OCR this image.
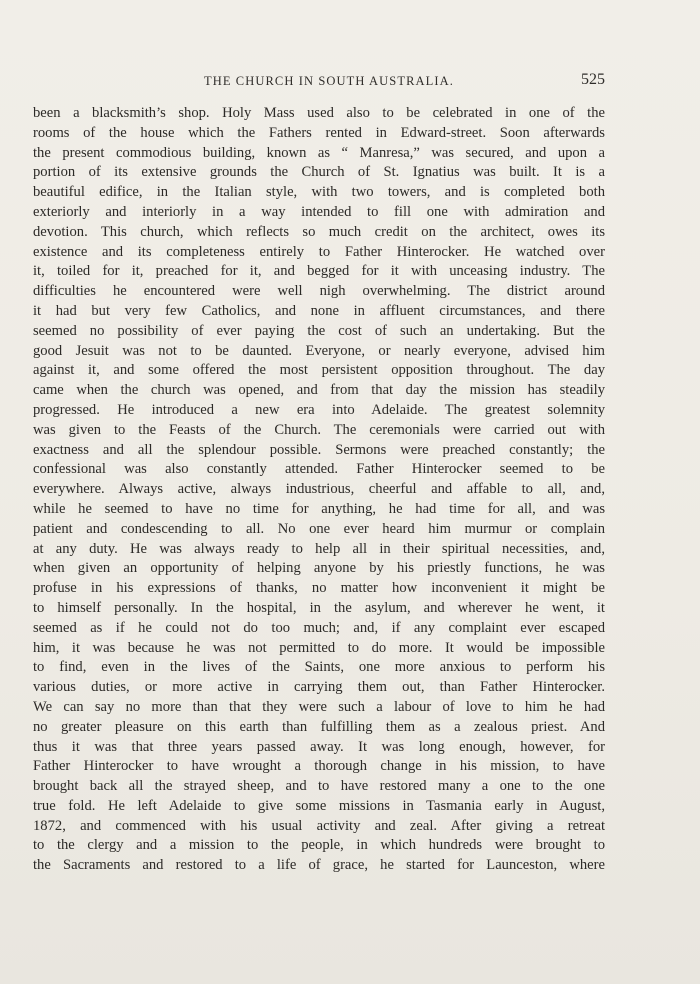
THE CHURCH IN SOUTH AUSTRALIA.	525
been a blacksmith’s shop. Holy Mass used also to be celebrated in one of the
rooms of the house which the Fathers rented in Edward-street. Soon afterwards
the present commodious building, known as “ Manresa,” was secured, and upon a
portion of its extensive grounds the Church of St. Ignatius was built. It is a
beautiful edifice, in the Italian style, with two towers, and is completed both
exteriorly and interiorly in a way intended to fill one with admiration and
devotion. This church, which reflects so much credit on the architect, owes its
existence and its completeness entirely to Father Hinterocker. He watched over
it, toiled for it, preached for it, and begged for it with unceasing industry. The
difficulties he encountered were well nigh overwhelming. The district around
it had but very few Catholics, and none in affluent circumstances, and there
seemed no possibility of ever paying the cost of such an undertaking. But the
good Jesuit was not to be daunted. Everyone, or nearly everyone, advised him
against it, and some offered the most persistent opposition throughout. The day
came when the church was opened, and from that day the mission has steadily
progressed. He introduced a new era into Adelaide. The greatest solemnity
was given to the Feasts of the Church. The ceremonials were carried out with
exactness and all the splendour possible. Sermons were preached constantly; the
confessional was also constantly attended. Father Hinterocker seemed to be
everywhere. Always active, always industrious, cheerful and affable to all, and,
while he seemed to have no time for anything, he had time for all, and was
patient and condescending to all. No one ever heard him murmur or complain
at any duty. He was always ready to help all in their spiritual necessities, and,
when given an opportunity of helping anyone by his priestly functions, he was
profuse in his expressions of thanks, no matter how inconvenient it might be
to himself personally. In the hospital, in the asylum, and wherever he went, it
seemed as if he could not do too much; and, if any complaint ever escaped
him, it was because he was not permitted to do more. It would be impossible
to find, even in the lives of the Saints, one more anxious to perform his
various duties, or more active in carrying them out, than Father Hinterocker.
We can say no more than that they were such a labour of love to him he had
no greater pleasure on this earth than fulfilling them as a zealous priest. And
thus it was that three years passed away. It was long enough, however, for
Father Hinterocker to have wrought a thorough change in his mission, to have
brought back all the strayed sheep, and to have restored many a one to the one
true fold. He left Adelaide to give some missions in Tasmania early in August,
1872, and commenced with his usual activity and zeal. After giving a retreat
to the clergy and a mission to the people, in which hundreds were brought to
the Sacraments and restored to a life of grace, he started for Launceston, where
